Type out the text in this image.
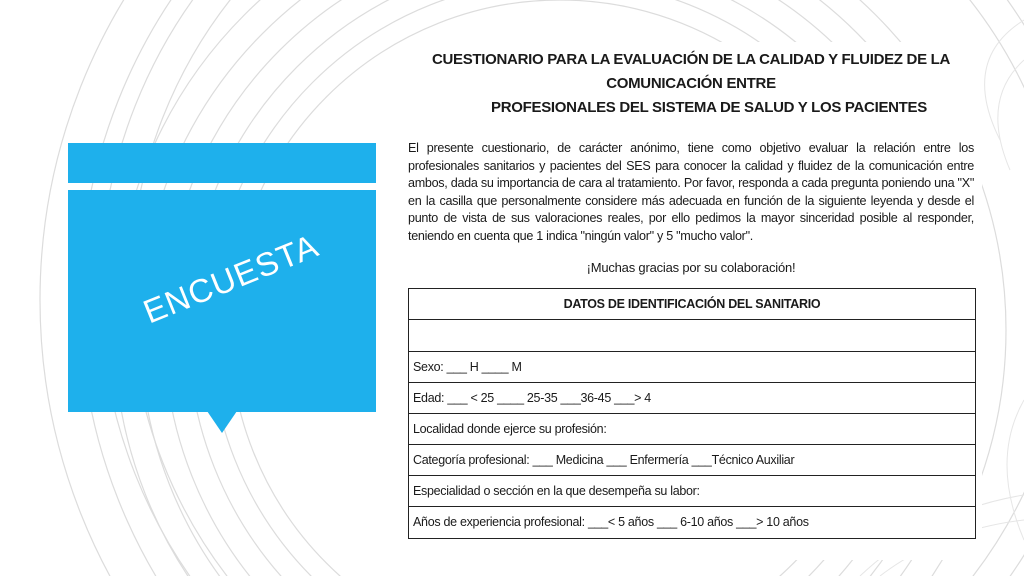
ENCUESTA
CUESTIONARIO PARA LA EVALUACIÓN DE LA CALIDAD Y FLUIDEZ DE LA COMUNICACIÓN ENTRE
PROFESIONALES DEL SISTEMA DE SALUD Y LOS PACIENTES
El presente cuestionario, de carácter anónimo, tiene como objetivo evaluar la relación entre los profesionales sanitarios y pacientes del SES para conocer la calidad y fluidez de la comunicación entre ambos, dada su importancia de cara al tratamiento. Por favor, responda a cada pregunta poniendo una "X" en la casilla que personalmente considere más adecuada en función de la siguiente leyenda y desde el punto de vista de sus valoraciones reales, por ello pedimos la mayor sinceridad posible al responder, teniendo en cuenta que 1 indica "ningún valor" y 5 "mucho valor".
¡Muchas gracias por su colaboración!
DATOS DE IDENTIFICACIÓN DEL SANITARIO
Sexo: ___ H ____ M
Edad: ___ < 25 ____ 25-35 ___36-45 ___> 4
Localidad donde ejerce su profesión:
Categoría profesional: ___ Medicina ___ Enfermería ___Técnico Auxiliar
Especialidad o sección en la que desempeña su labor:
Años de experiencia profesional: ___< 5 años ___ 6-10 años ___> 10 años
